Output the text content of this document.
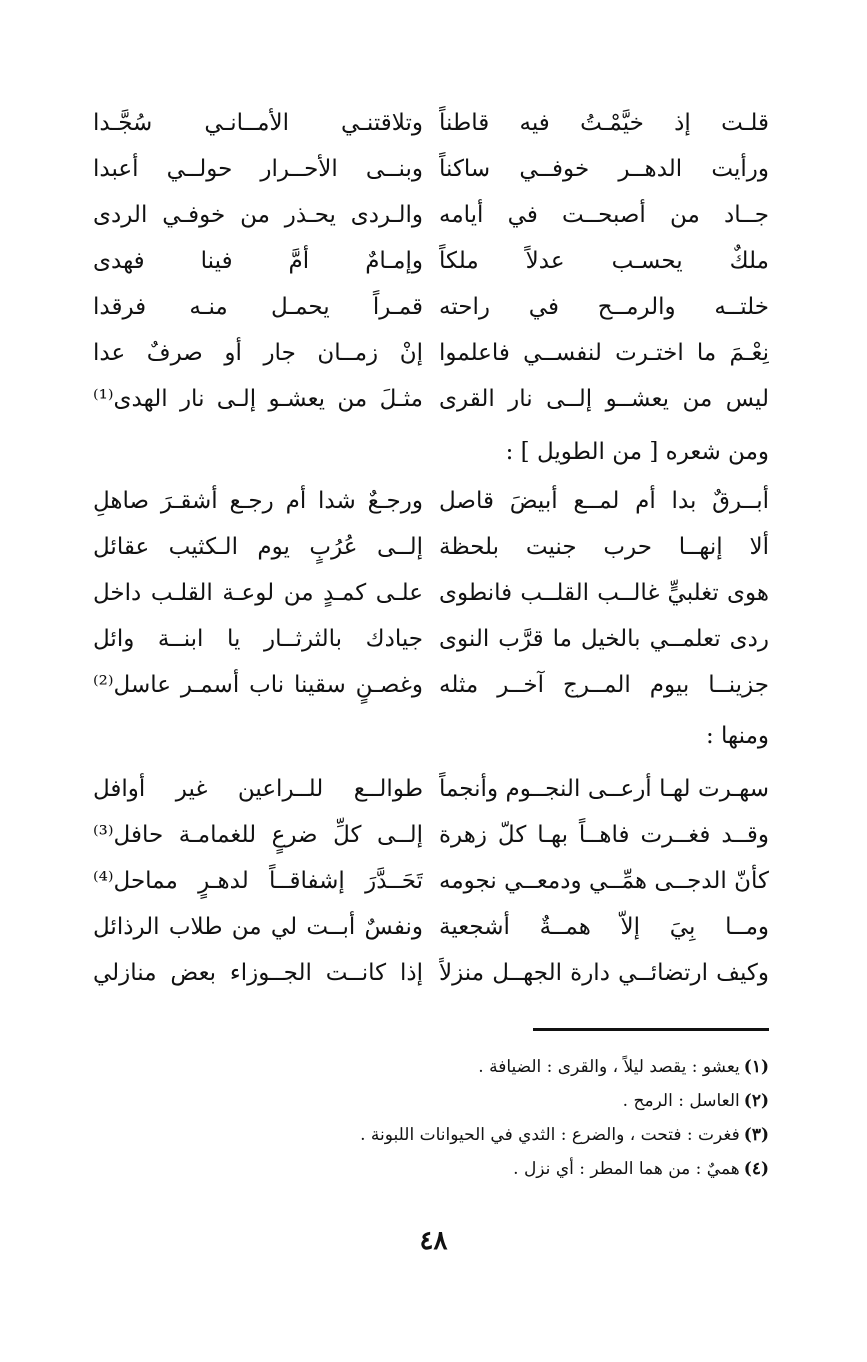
قلـت إذ خيَّمْـتُ فيه قاطناً
وتلاقتنـي الأمــانـي سُجَّـدا
ورأيت الدهــر خوفــي ساكناً
وبنــى الأحــرار حولــي أعبدا
جــاد من أصبحــت في أيامه
والـردى يحـذر من خوفـي الردى
ملكٌ يحسـب عدلاً ملكاً
وإمـامٌ أمَّ فينا فهدى
خلتــه والرمــح في راحته
قمـراً يحمـل منـه فرقدا
نِعْـمَ ما اختـرت لنفســي فاعلموا
إنْ زمــان جار أو صرفٌ عدا
ليس من يعشــو إلــى نار القرى
مثـلَ من يعشـو إلـى نار الهدى⁽¹⁾
ومن شعره [ من الطويل ] :
أبــرقٌ بدا أم لمــع أبيضَ قاصل
ورجـعٌ شدا أم رجـع أشقـرَ صاهلِ
ألا إنهــا حرب جنيت بلحظة
إلــى عُرُبٍ يوم الـكثيب عقائل
هوى تغلبيٍّ غالــب القلــب فانطوى
علـى كمـدٍ من لوعـة القلـب داخل
ردى تعلمــي بالخيل ما قرَّب النوى
جيادك بالثرثــار يا ابنــة وائل
جزينــا بيوم المــرج آخــر مثله
وغصـنٍ سقينا ناب أسمـر عاسل⁽²⁾
ومنها :
سهـرت لهـا أرعــى النجــوم وأنجماً
طوالــع للــراعين غير أوافل
وقــد فغــرت فاهــاً بهـا كلّ زهرة
إلــى كلِّ ضرعٍ للغمامـة حافل⁽³⁾
كأنّ الدجــى همِّــي ودمعــي نجومه
تَحَــدَّرَ إشفاقــاً لدهـرٍ مماحل⁽⁴⁾
ومــا بِيَ إلاّ همــةٌ أشجعية
ونفسٌ أبــت لي من طلاب الرذائل
وكيف ارتضائــي دارة الجهــل منزلاً
إذا كانــت الجــوزاء بعض منازلي
(١)يعشو : يقصد ليلاً ، والقرى : الضيافة .
(٢)العاسل : الرمح .
(٣)فغرت : فتحت ، والضرع : الثدي في الحيوانات اللبونة .
(٤)هميٌ : من هما المطر : أي نزل .
٤٨
